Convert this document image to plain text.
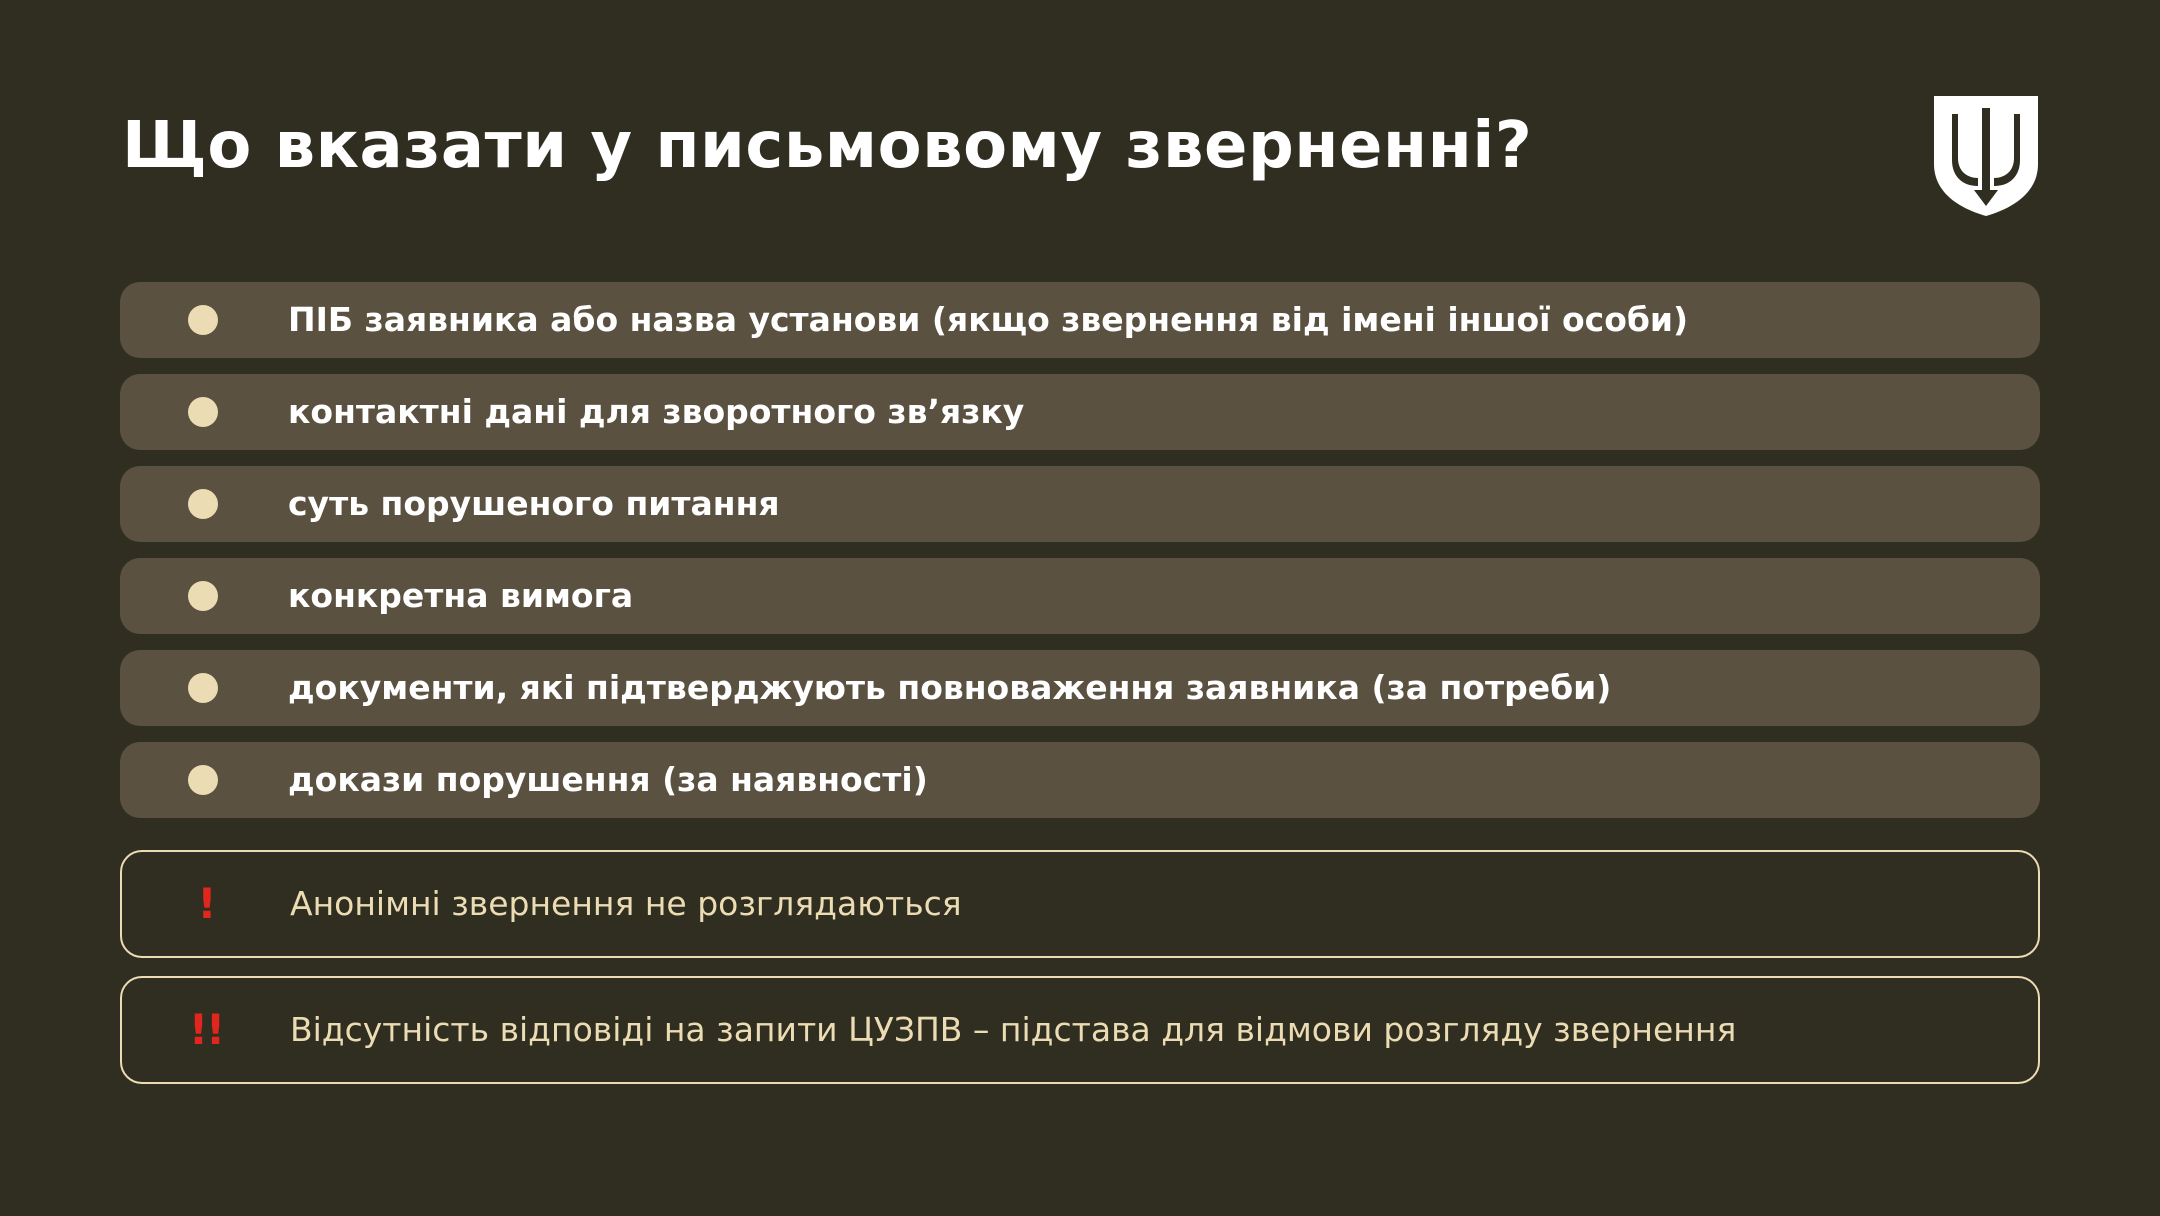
Що вказати у письмовому зверненні?
ПІБ заявника або назва установи (якщо звернення від імені іншої особи)
контактні дані для зворотного зв’язку
суть порушеного питання
конкретна вимога
документи, які підтверджують повноваження заявника (за потреби)
докази порушення (за наявності)
!	Анонімні звернення не розглядаються
!! Відсутність відповіді на запити ЦУЗПВ – підстава для відмови розгляду звернення
